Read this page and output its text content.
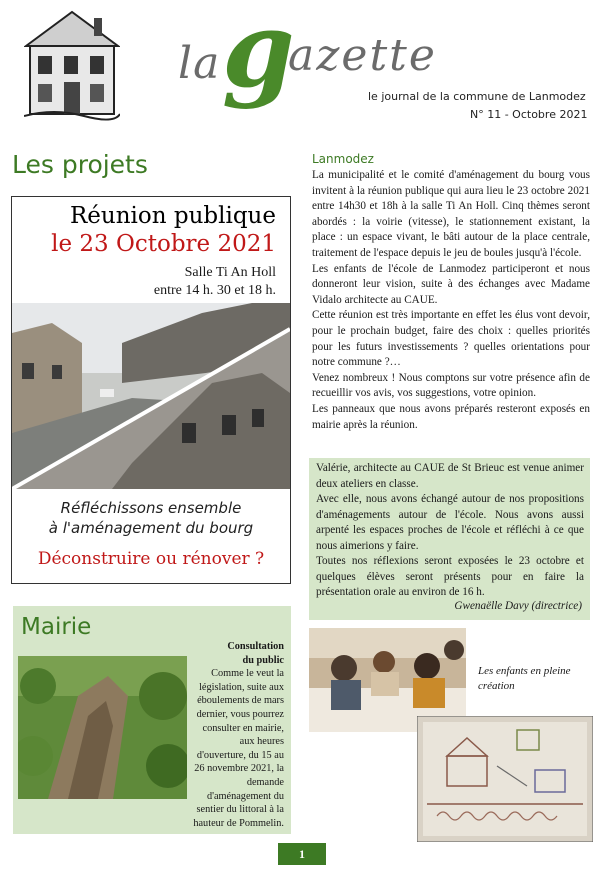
la g
azette
le journal de la commune de Lanmodez
N° 11 - Octobre 2021
Les projets
Réunion publique
le 23 Octobre 2021
Salle Ti An Holl
entre 14 h. 30 et 18 h.
Réfléchissons ensemble
à l'aménagement du bourg
Déconstruire ou rénover ?
Lanmodez

La municipalité et le comité d'aménagement du bourg vous invitent à la réunion publique qui aura lieu le 23 octobre 2021 entre 14h30 et 18h à la salle Ti An Holl. Cinq thèmes seront abordés : la voirie (vitesse), le stationnement existant, la place : un espace vivant, le bâti autour de la place centrale, traitement de l'espace depuis le jeu de boules jusqu'à l'école.

Les enfants de l'école de Lanmodez participeront et nous donneront leur vision, suite à des échanges avec Madame Vidalo architecte au CAUE.

Cette réunion est très importante en effet les élus vont devoir, pour le prochain budget, faire des choix : quelles priorités pour les futurs investissements ? quelles orientations pour notre commune ?…

Venez nombreux ! Nous comptons sur votre présence afin de recueillir vos avis, vos suggestions, votre opinion.

Les panneaux que nous avons préparés resteront exposés en mairie après la réunion.

Valérie, architecte au CAUE de St Brieuc est venue animer deux ateliers en classe.

Avec elle, nous avons échangé autour de nos propositions d'aménagements autour de l'école. Nous avons aussi arpenté les espaces proches de l'école et réfléchi à ce que nous aimerions y faire.

Toutes nos réflexions seront exposées le 23 octobre et quelques élèves seront présents pour en faire la présentation orale au environ de 16 h.

Gwenaëlle Davy (directrice)
Mairie

Consultation

du public

Comme le veut la législation, suite aux éboulements de mars dernier, vous pourrez consulter en mairie, aux heures d'ouverture, du 15 au 26 novembre 2021, la demande d'aménagement du sentier du littoral à la hauteur de Pommelin.

Les enfants en pleine création
1
